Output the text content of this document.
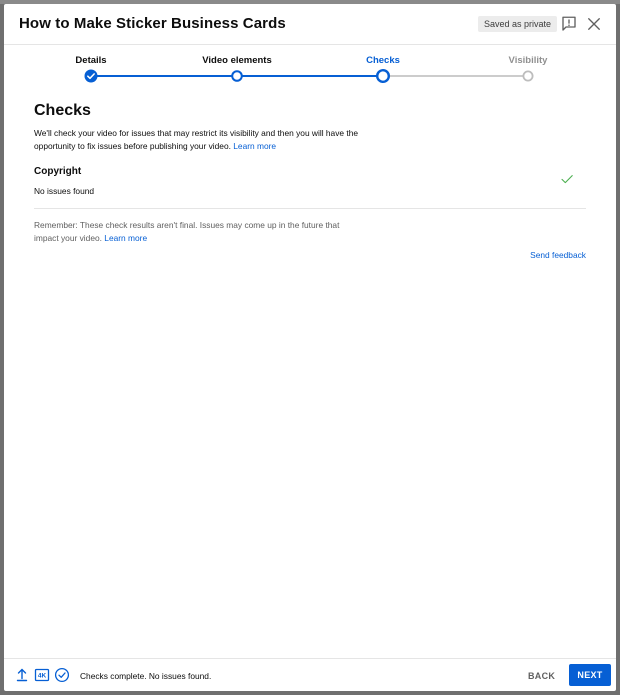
How to Make Sticker Business Cards	Saved as private
Details	Video elements	Checks	Visibility
Checks
We'll check your video for issues that may restrict its visibility and then you will have the opportunity to fix issues before publishing your video. Learn more
Copyright
No issues found
Remember: These check results aren't final. Issues may come up in the future that impact your video. Learn more
Send feedback
4K	Checks complete. No issues found.	BACK	NEXT
